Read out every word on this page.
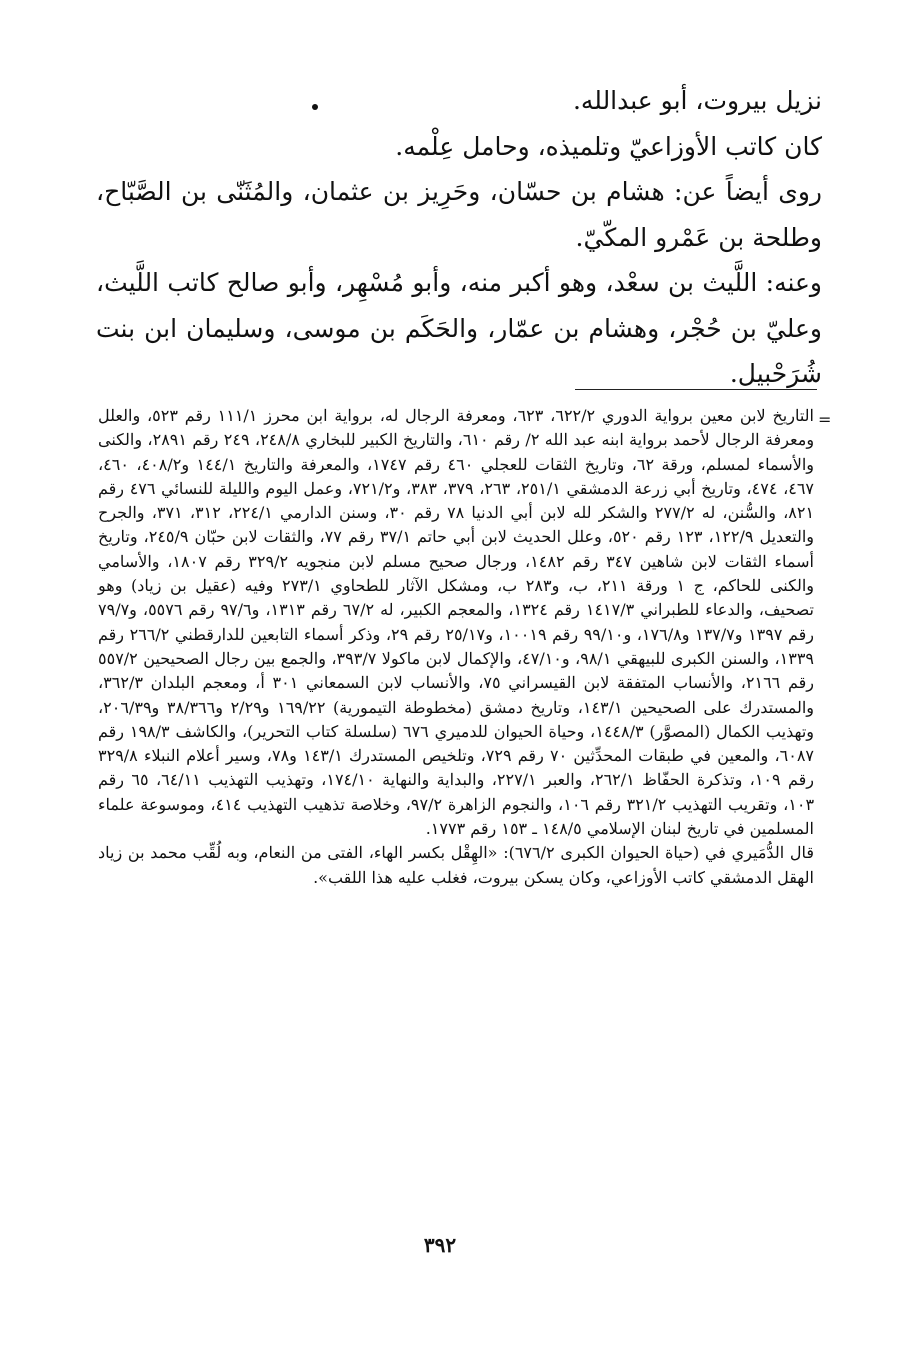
نزيل بيروت، أبو عبدالله.

كان كاتب الأوزاعيّ وتلميذه، وحامل عِلْمه.

روى أيضاً عن: هشام بن حسّان، وحَرِيز بن عثمان، والمُثَنّى بن الصَّبّاح، وطلحة بن عَمْرو المكّيّ.

وعنه: اللَّيث بن سعْد، وهو أكبر منه، وأبو مُسْهِر، وأبو صالح كاتب اللَّيث، وعليّ بن حُجْر، وهشام بن عمّار، والحَكَم بن موسى، وسليمان ابن بنت شُرَحْبيل.

=

التاريخ لابن معين برواية الدوري ٦٢٢/٢، ٦٢٣، ومعرفة الرجال له، برواية ابن محرز ١١١/١ رقم ٥٢٣، والعلل ومعرفة الرجال لأحمد برواية ابنه عبد الله ٢/ رقم ٦١٠، والتاريخ الكبير للبخاري ٢٤٨/٨، ٢٤٩ رقم ٢٨٩١، والكنى والأسماء لمسلم، ورقة ٦٢، وتاريخ الثقات للعجلي ٤٦٠ رقم ١٧٤٧، والمعرفة والتاريخ ١٤٤/١ و٤٠٨/٢، ٤٦٠، ٤٦٧، ٤٧٤، وتاريخ أبي زرعة الدمشقي ٢٥١/١، ٢٦٣، ٣٧٩، ٣٨٣، و٧٢١/٢، وعمل اليوم والليلة للنسائي ٤٧٦ رقم ٨٢١، والسُّنن، له ٢٧٧/٢ والشكر لله لابن أبي الدنيا ٧٨ رقم ٣٠، وسنن الدارمي ٢٢٤/١، ٣١٢، ٣٧١، والجرح والتعديل ١٢٢/٩، ١٢٣ رقم ٥٢٠، وعلل الحديث لابن أبي حاتم ٣٧/١ رقم ٧٧، والثقات لابن حبّان ٢٤٥/٩، وتاريخ أسماء الثقات لابن شاهين ٣٤٧ رقم ١٤٨٢، ورجال صحيح مسلم لابن منجويه ٣٢٩/٢ رقم ١٨٠٧، والأسامي والكنى للحاكم، ج ١ ورقة ٢١١، ب، و٢٨٣ ب، ومشكل الآثار للطحاوي ٢٧٣/١ وفيه (عقيل بن زياد) وهو تصحيف، والدعاء للطبراني ١٤١٧/٣ رقم ١٣٢٤، والمعجم الكبير، له ٦٧/٢ رقم ١٣١٣، و٩٧/٦ رقم ٥٥٧٦، و٧٩/٧ رقم ١٣٩٧ و١٣٧/٧ و١٧٦/٨، و٩٩/١٠ رقم ١٠٠١٩، و٢٥/١٧ رقم ٢٩، وذكر أسماء التابعين للدارقطني ٢٦٦/٢ رقم ١٣٣٩، والسنن الكبرى للبيهقي ٩٨/١، و٤٧/١٠، والإكمال لابن ماكولا ٣٩٣/٧، والجمع بين رجال الصحيحين ٥٥٧/٢ رقم ٢١٦٦، والأنساب المتفقة لابن القيسراني ٧٥، والأنساب لابن السمعاني ٣٠١ أ، ومعجم البلدان ٣٦٢/٣، والمستدرك على الصحيحين ١٤٣/١، وتاريخ دمشق (مخطوطة التيمورية) ١٦٩/٢٢ و٢/٢٩ و٣٨/٣٦٦ و٢٠٦/٣٩، وتهذيب الكمال (المصوَّر) ١٤٤٨/٣، وحياة الحيوان للدميري ٦٧٦ (سلسلة كتاب التحرير)، والكاشف ١٩٨/٣ رقم ٦٠٨٧، والمعين في طبقات المحدِّثين ٧٠ رقم ٧٢٩، وتلخيص المستدرك ١٤٣/١ و٧٨، وسير أعلام النبلاء ٣٢٩/٨ رقم ١٠٩، وتذكرة الحفّاظ ٢٦٢/١، والعبر ٢٢٧/١، والبداية والنهاية ١٧٤/١٠، وتهذيب التهذيب ٦٤/١١، ٦٥ رقم ١٠٣، وتقريب التهذيب ٣٢١/٢ رقم ١٠٦، والنجوم الزاهرة ٩٧/٢، وخلاصة تذهيب التهذيب ٤١٤، وموسوعة علماء المسلمين في تاريخ لبنان الإسلامي ١٤٨/٥ ـ ١٥٣ رقم ١٧٧٣.

قال الدُّمَيري في (حياة الحيوان الكبرى ٦٧٦/٢): «الهِقْل بكسر الهاء، الفتى من النعام، وبه لُقِّب محمد بن زياد الهقل الدمشقي كاتب الأوزاعي، وكان يسكن بيروت، فغلب عليه هذا اللقب».

٣٩٢
